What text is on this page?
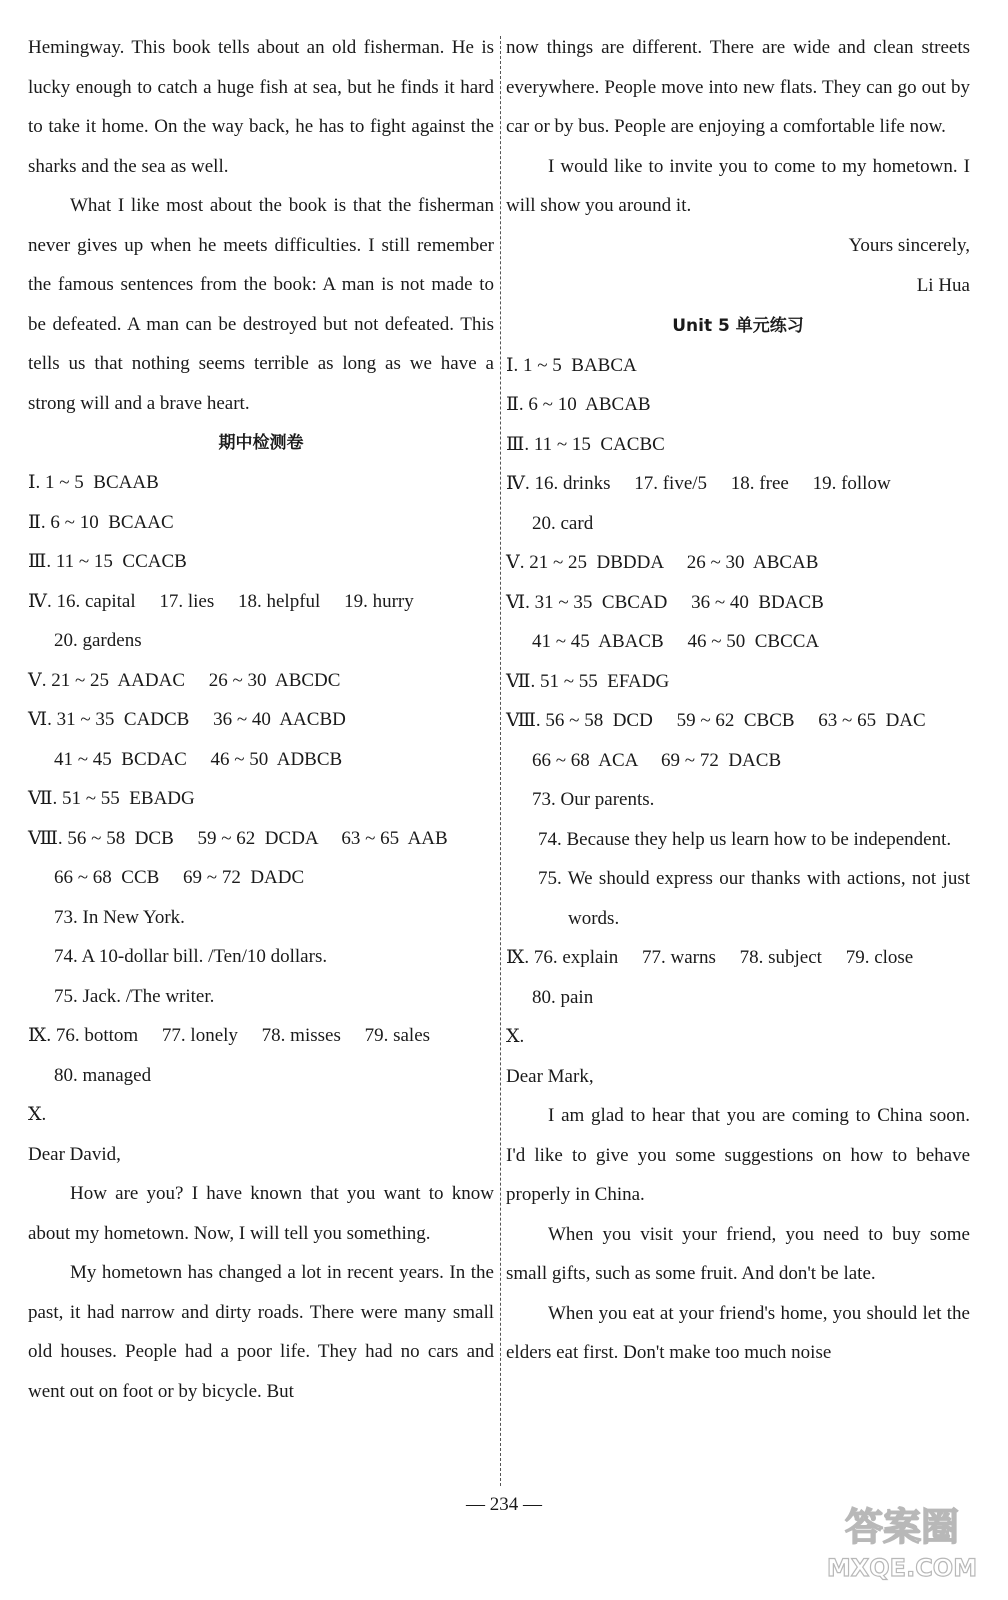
Hemingway. This book tells about an old fisherman. He is lucky enough to catch a huge fish at sea, but he finds it hard to take it home. On the way back, he has to fight against the sharks and the sea as well.

What I like most about the book is that the fisherman never gives up when he meets difficulties. I still remember the famous sentences from the book: A man is not made to be defeated. A man can be destroyed but not defeated. This tells us that nothing seems terrible as long as we have a strong will and a brave heart.

期中检测卷

Ⅰ. 1 ~ 5  BCAAB

Ⅱ. 6 ~ 10  BCAAC

Ⅲ. 11 ~ 15  CCACB

Ⅳ. 16. capital     17. lies     18. helpful     19. hurry

20. gardens

Ⅴ. 21 ~ 25  AADAC     26 ~ 30  ABCDC

Ⅵ. 31 ~ 35  CADCB     36 ~ 40  AACBD

41 ~ 45  BCDAC     46 ~ 50  ADBCB

Ⅶ. 51 ~ 55  EBADG

Ⅷ. 56 ~ 58  DCB     59 ~ 62  DCDA     63 ~ 65  AAB

66 ~ 68  CCB     69 ~ 72  DADC

73. In New York.

74. A 10-dollar bill. /Ten/10 dollars.

75. Jack. /The writer.

Ⅸ. 76. bottom     77. lonely     78. misses     79. sales

80. managed

Ⅹ.

Dear David,

How are you? I have known that you want to know about my hometown. Now, I will tell you something.

My hometown has changed a lot in recent years. In the past, it had narrow and dirty roads. There were many small old houses. People had a poor life. They had no cars and went out on foot or by bicycle. But

now things are different. There are wide and clean streets everywhere. People move into new flats. They can go out by car or by bus. People are enjoying a comfortable life now.

I would like to invite you to come to my hometown. I will show you around it.

Yours sincerely,

Li Hua

Unit 5 单元练习

Ⅰ. 1 ~ 5  BABCA

Ⅱ. 6 ~ 10  ABCAB

Ⅲ. 11 ~ 15  CACBC

Ⅳ. 16. drinks     17. five/5     18. free     19. follow

20. card

Ⅴ. 21 ~ 25  DBDDA     26 ~ 30  ABCAB

Ⅵ. 31 ~ 35  CBCAD     36 ~ 40  BDACB

41 ~ 45  ABACB     46 ~ 50  CBCCA

Ⅶ. 51 ~ 55  EFADG

Ⅷ. 56 ~ 58  DCD     59 ~ 62  CBCB     63 ~ 65  DAC

66 ~ 68  ACA     69 ~ 72  DACB

73. Our parents.

74. Because they help us learn how to be independent.

75. We should express our thanks with actions, not just words.

Ⅸ. 76. explain     77. warns     78. subject     79. close

80. pain

Ⅹ.

Dear Mark,

I am glad to hear that you are coming to China soon. I'd like to give you some suggestions on how to behave properly in China.

When you visit your friend, you need to buy some small gifts, such as some fruit. And don't be late.

When you eat at your friend's home, you should let the elders eat first. Don't make too much noise

— 234 —
答案圈
MXQE.COM
